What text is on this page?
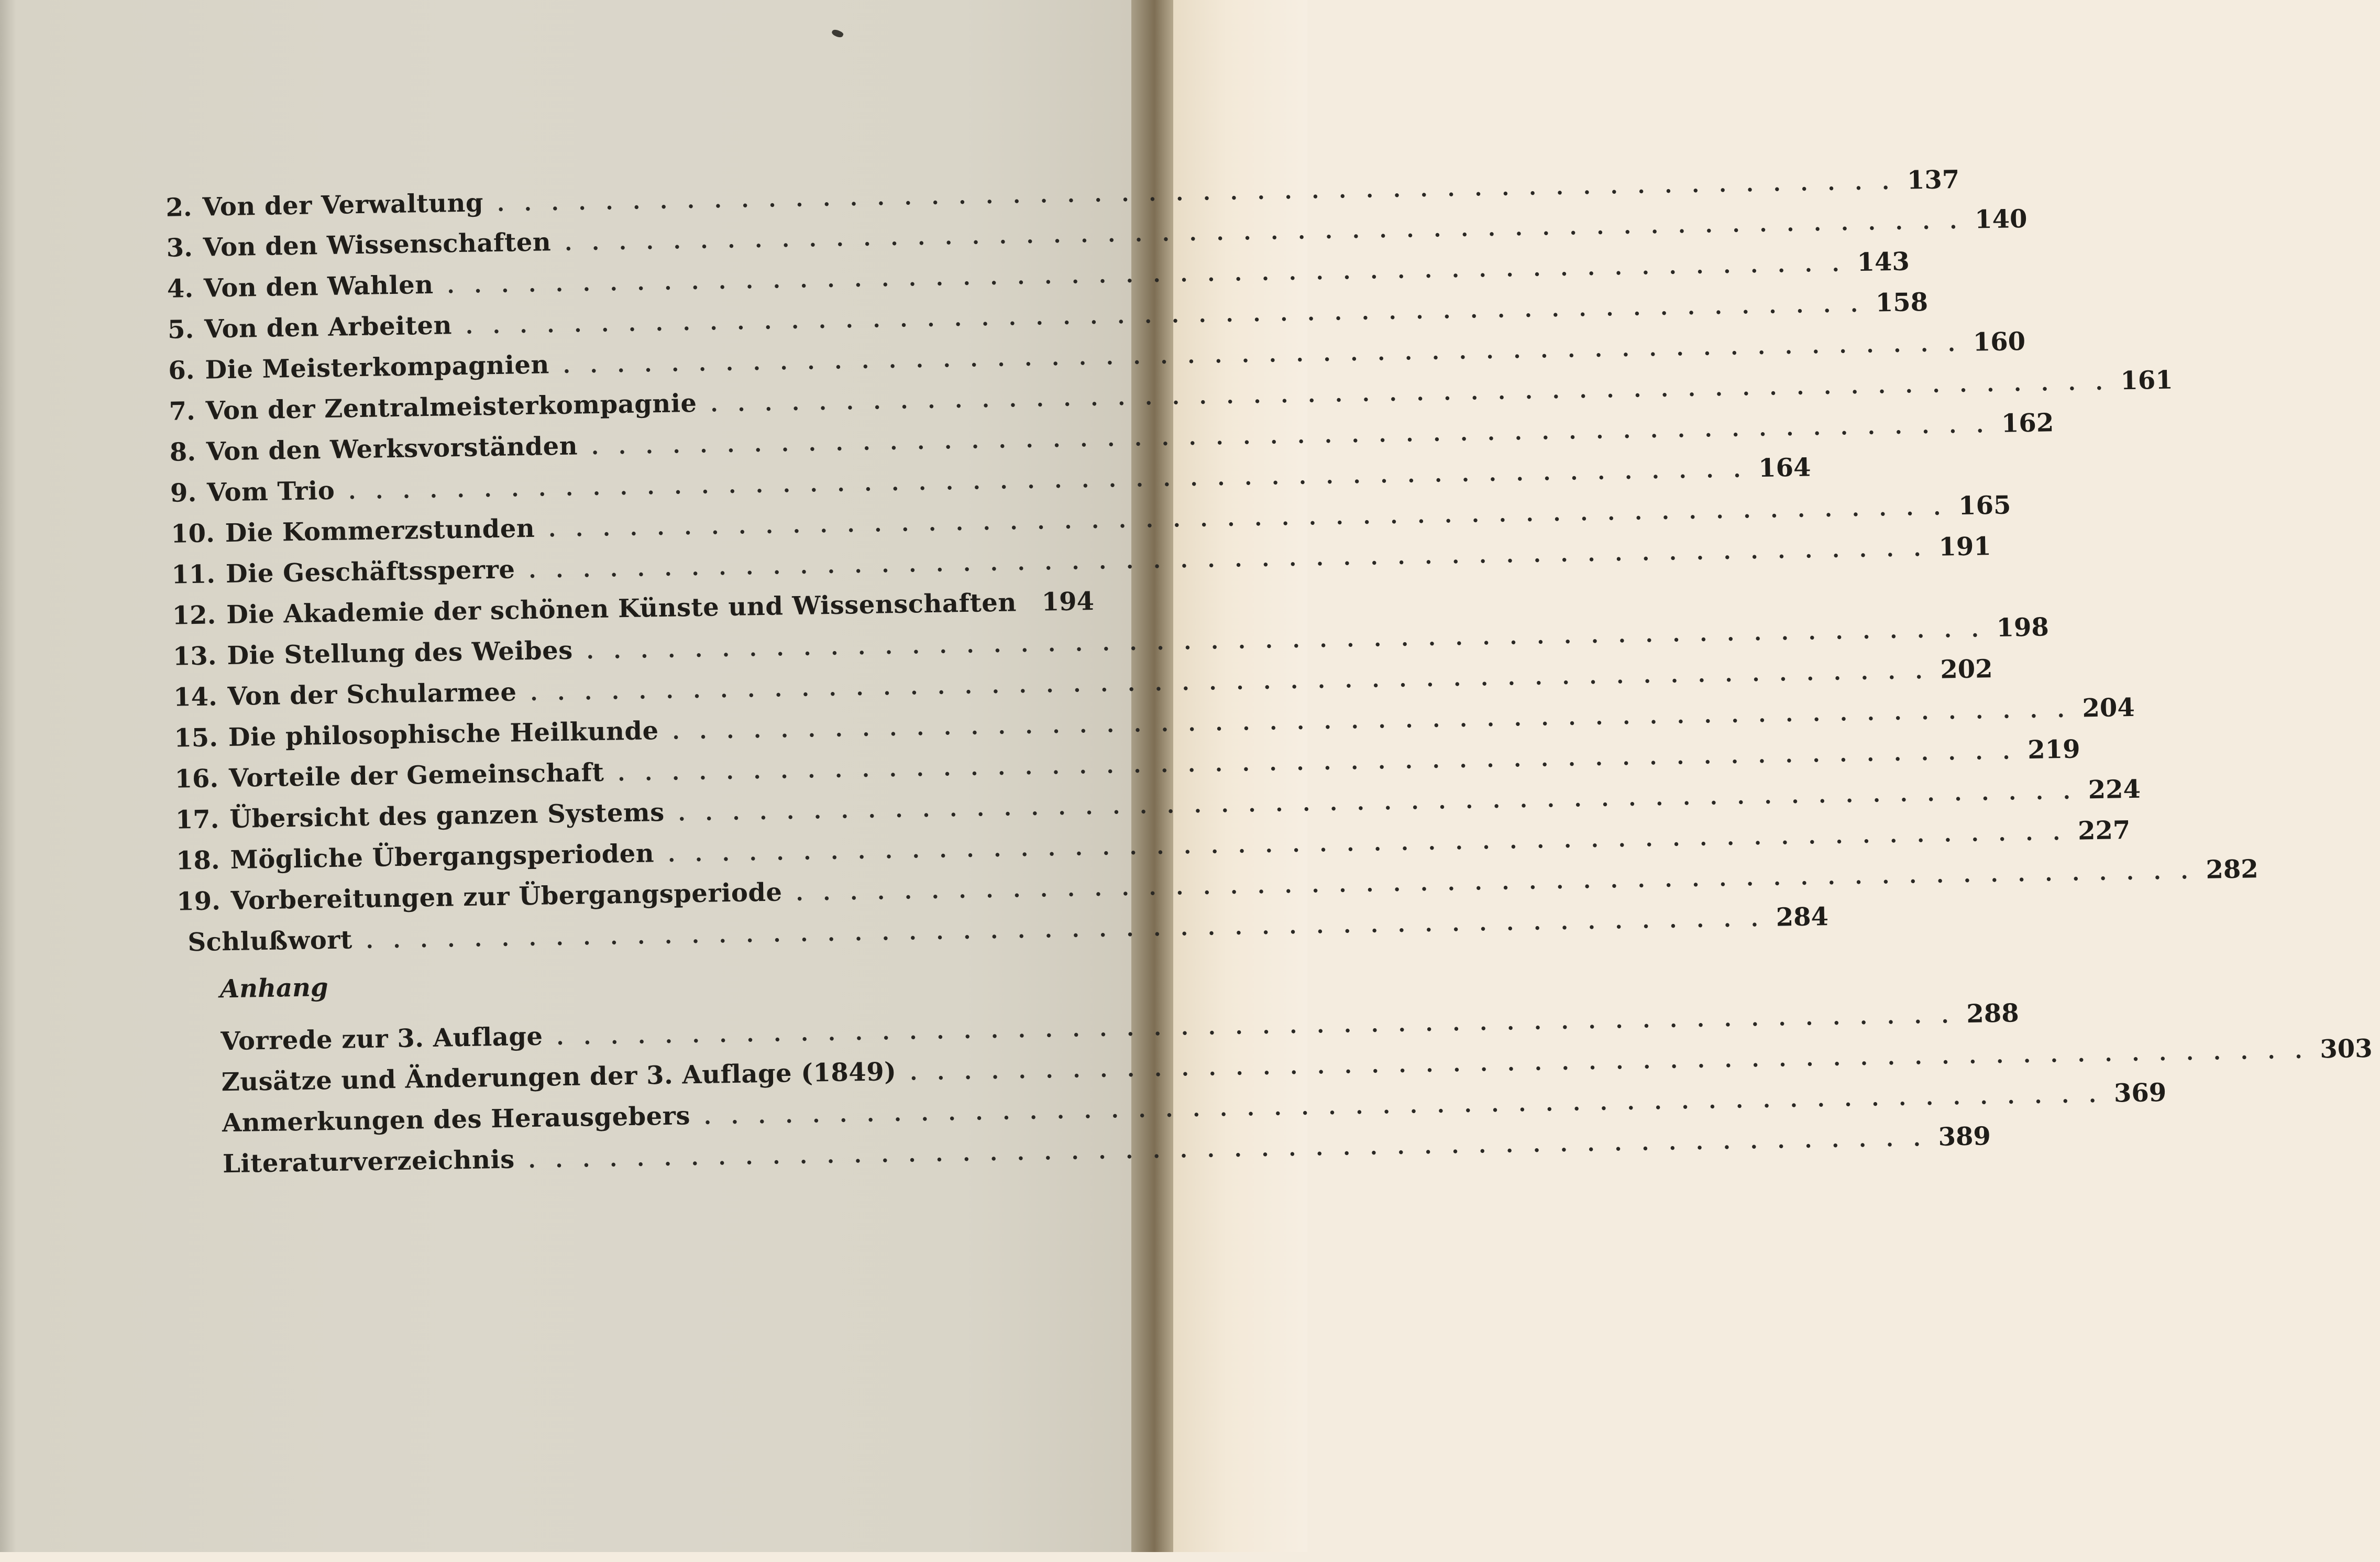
2. Von der Verwaltung . . . . . . . . . . . . . . . . . . . . . . . . . . . . . . . . . . . . . . . . . . . . . . . . . . . . 137
3. Von den Wissenschaften . . . . . . . . . . . . . . . . . . . . . . . . . . . . . . . . . . . . . . . . . . . . . . . . . . . . 140
4. Von den Wahlen . . . . . . . . . . . . . . . . . . . . . . . . . . . . . . . . . . . . . . . . . . . . . . . . . . . . 143
5. Von den Arbeiten . . . . . . . . . . . . . . . . . . . . . . . . . . . . . . . . . . . . . . . . . . . . . . . . . . . . 158
6. Die Meisterkompagnien . . . . . . . . . . . . . . . . . . . . . . . . . . . . . . . . . . . . . . . . . . . . . . . . . . . . 160
7. Von der Zentralmeisterkompagnie . . . . . . . . . . . . . . . . . . . . . . . . . . . . . . . . . . . . . . . . . . . . . . . . . . . . 161
8. Von den Werksvorständen . . . . . . . . . . . . . . . . . . . . . . . . . . . . . . . . . . . . . . . . . . . . . . . . . . . . 162
9. Vom Trio . . . . . . . . . . . . . . . . . . . . . . . . . . . . . . . . . . . . . . . . . . . . . . . . . . . . 164
10. Die Kommerzstunden . . . . . . . . . . . . . . . . . . . . . . . . . . . . . . . . . . . . . . . . . . . . . . . . . . . . 165
11. Die Geschäftssperre . . . . . . . . . . . . . . . . . . . . . . . . . . . . . . . . . . . . . . . . . . . . . . . . . . . . 191
12. Die Akademie der schönen Künste und Wissenschaften 194
13. Die Stellung des Weibes . . . . . . . . . . . . . . . . . . . . . . . . . . . . . . . . . . . . . . . . . . . . . . . . . . . . 198
14. Von der Schularmee . . . . . . . . . . . . . . . . . . . . . . . . . . . . . . . . . . . . . . . . . . . . . . . . . . . . 202
15. Die philosophische Heilkunde . . . . . . . . . . . . . . . . . . . . . . . . . . . . . . . . . . . . . . . . . . . . . . . . . . . . 204
16. Vorteile der Gemeinschaft . . . . . . . . . . . . . . . . . . . . . . . . . . . . . . . . . . . . . . . . . . . . . . . . . . . . 219
17. Übersicht des ganzen Systems . . . . . . . . . . . . . . . . . . . . . . . . . . . . . . . . . . . . . . . . . . . . . . . . . . . . 224
18. Mögliche Übergangsperioden . . . . . . . . . . . . . . . . . . . . . . . . . . . . . . . . . . . . . . . . . . . . . . . . . . . . 227
19. Vorbereitungen zur Übergangsperiode . . . . . . . . . . . . . . . . . . . . . . . . . . . . . . . . . . . . . . . . . . . . . . . . . . . . 282
Schlußwort . . . . . . . . . . . . . . . . . . . . . . . . . . . . . . . . . . . . . . . . . . . . . . . . . . . . 284
Anhang
Vorrede zur 3. Auflage . . . . . . . . . . . . . . . . . . . . . . . . . . . . . . . . . . . . . . . . . . . . . . . . . . . . 288
Zusätze und Änderungen der 3. Auflage (1849) . . . . . . . . . . . . . . . . . . . . . . . . . . . . . . . . . . . . . . . . . . . . . . . . . . . . 303
Anmerkungen des Herausgebers . . . . . . . . . . . . . . . . . . . . . . . . . . . . . . . . . . . . . . . . . . . . . . . . . . . . 369
Literaturverzeichnis . . . . . . . . . . . . . . . . . . . . . . . . . . . . . . . . . . . . . . . . . . . . . . . . . . . . 389
